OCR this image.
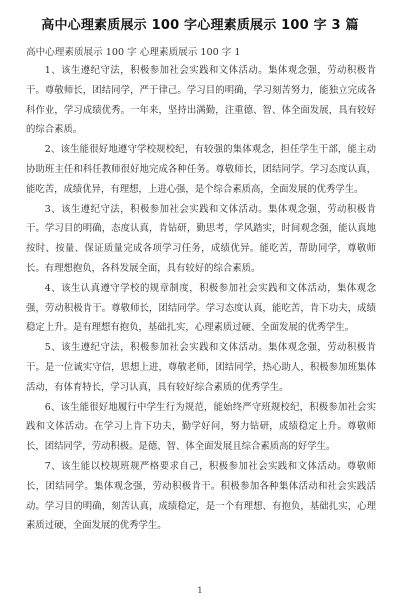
高中心理素质展示 100 字心理素质展示 100 字 3 篇
高中心理素质展示 100 字 心理素质展示 100 字 1

1、该生遵纪守法，积极参加社会实践和文体活动。集体观念强，劳动积极肯干。尊敬师长，团结同学，严于律己。学习目的明确，学习刻苦努力，能独立完成各科作业，学习成绩优秀。一年来，坚持出满勤，注重德、智、体全面发展，具有较好的综合素质。

2、该生能很好地遵守学校规校纪，有较强的集体观念，担任学生干部，能主动协助班主任和科任教师很好地完成各种任务。尊敬师长，团结同学。学习态度认真，能吃苦，成绩优异，有理想，上进心强，是个综合素质高，全面发展的优秀学生。

3、该生遵纪守法，积极参加社会实践和文体活动。集体观念强，劳动积极肯干。学习目的明确，态度认真，肯钻研，勤思考，学风踏实，时间观念强，能认真地按时、按量、保证质量完成各项学习任务，成绩优异。能吃苦，帮助同学，尊敬师长。有理想抱负，各科发展全面，具有较好的综合素质。

4、该生认真遵守学校的规章制度，积极参加社会实践和文体活动，集体观念强，劳动积极肯干。尊敬师长，团结同学。学习态度认真，能吃苦，肯下功夫，成绩稳定上升。是有理想有抱负，基础扎实，心理素质过硬、全面发展的优秀学生。

5、该生遵纪守法，积极参加社会实践和文体活动。集体观念强，劳动积极肯干。是一位诚实守信，思想上进，尊敬老师，团结同学，热心助人，积极参加班集体活动，有体育特长，学习认真，具有较好综合素质的优秀学生。

6、该生能很好地履行中学生行为规范，能始终严守班规校纪，积极参加社会实践和文体活动。在学习上肯下功夫，勤学好问，努力钻研，成绩稳定上升。尊敬师长，团结同学，劳动积极。是德、智、体全面发展且综合素质高的好学生。

7、该生能以校规班规严格要求自己，积极参加社会实践和文体活动。尊敬师长，团结同学。集体观念强，劳动积极肯干。积极参加各种集体活动和社会实践活动。学习目的明确，刻苦认真，成绩稳定，是一个有理想、有抱负，基础扎实，心理素质过硬，全面发展的优秀学生。

1
